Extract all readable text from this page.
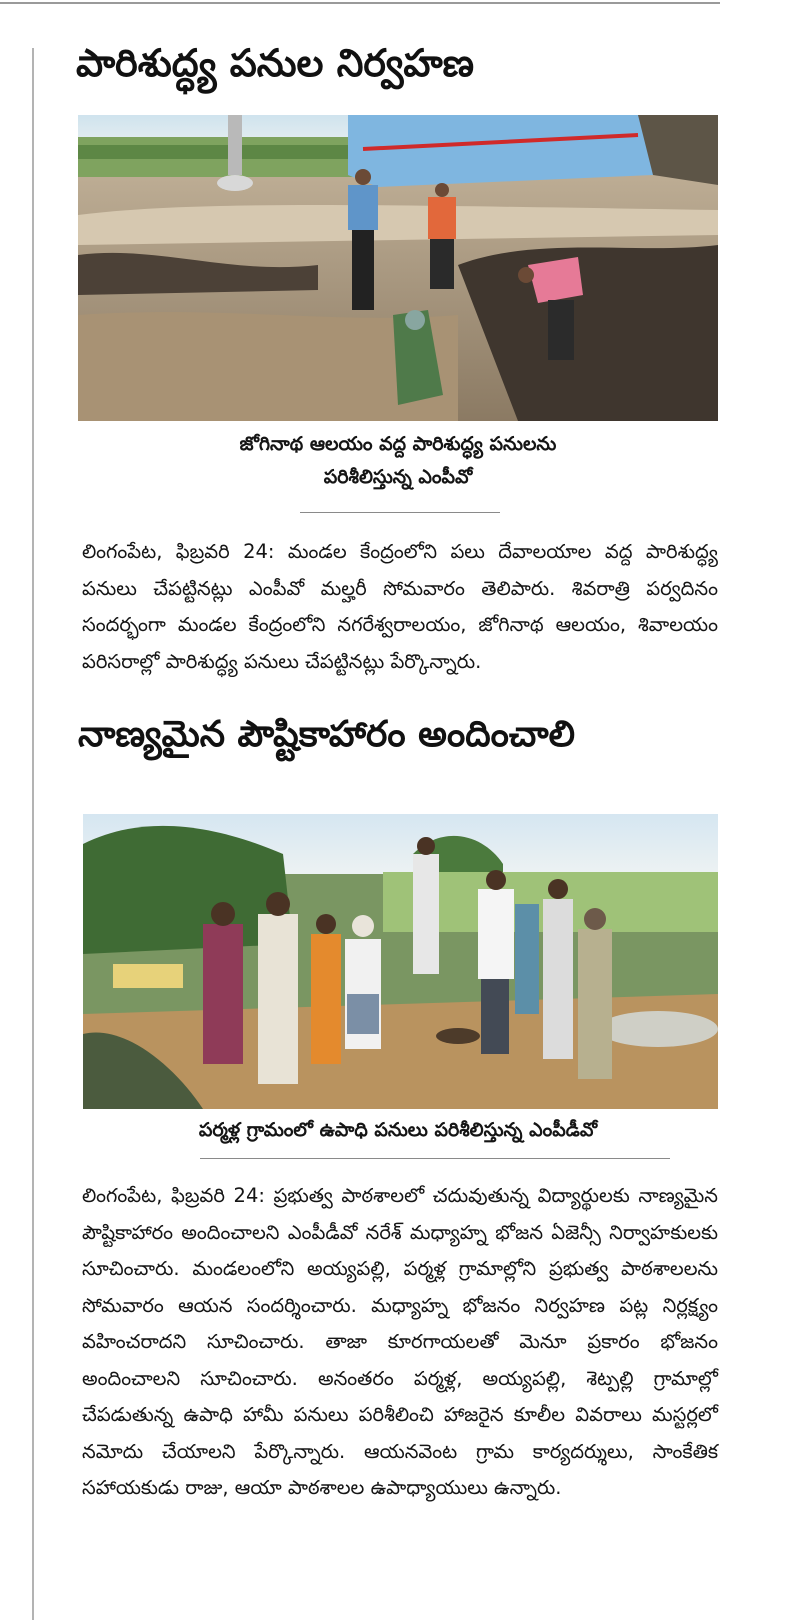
పారిశుద్ధ్య పనుల నిర్వహణ
జోగినాథ ఆలయం వద్ద పారిశుద్ధ్య పనులను
పరిశీలిస్తున్న ఎంపీవో

లింగంపేట, ఫిబ్రవరి 24: మండల కేంద్రంలోని పలు దేవాలయాల వద్ద పారిశుద్ధ్య పనులు చేపట్టినట్లు ఎంపీవో మల్హరీ సోమవారం తెలిపారు. శివరాత్రి పర్వదినం సందర్భంగా మండల కేంద్రంలోని నగరేశ్వరాలయం, జోగినాథ ఆలయం, శివాలయం పరిసరాల్లో పారిశుద్ధ్య పనులు చేపట్టినట్లు పేర్కొన్నారు.

నాణ్యమైన పౌష్టికాహారం అందించాలి
పర్మళ్ల గ్రామంలో ఉపాధి పనులు పరిశీలిస్తున్న ఎంపీడీవో

లింగంపేట, ఫిబ్రవరి 24: ప్రభుత్వ పాఠశాలలో చదువుతున్న విద్యార్థులకు నాణ్యమైన పౌష్టికాహారం అందించాలని ఎంపీడీవో నరేశ్ మధ్యాహ్న భోజన ఏజెన్సీ నిర్వాహకులకు సూచించారు. మండలంలోని అయ్యపల్లి, పర్మళ్ల గ్రామాల్లోని ప్రభుత్వ పాఠశాలలను సోమవారం ఆయన సందర్శించారు. మధ్యాహ్న భోజనం నిర్వహణ పట్ల నిర్లక్ష్యం వహించరాదని సూచించారు. తాజా కూరగాయలతో మెనూ ప్రకారం భోజనం అందించాలని సూచించారు. అనంతరం పర్మళ్ల, అయ్యపల్లి, శెట్పల్లి గ్రామాల్లో చేపడుతున్న ఉపాధి హామీ పనులు పరిశీలించి హాజరైన కూలీల వివరాలు మస్టర్లలో నమోదు చేయాలని పేర్కొన్నారు. ఆయనవెంట గ్రామ కార్యదర్శులు, సాంకేతిక సహాయకుడు రాజు, ఆయా పాఠశాలల ఉపాధ్యాయులు ఉన్నారు.
